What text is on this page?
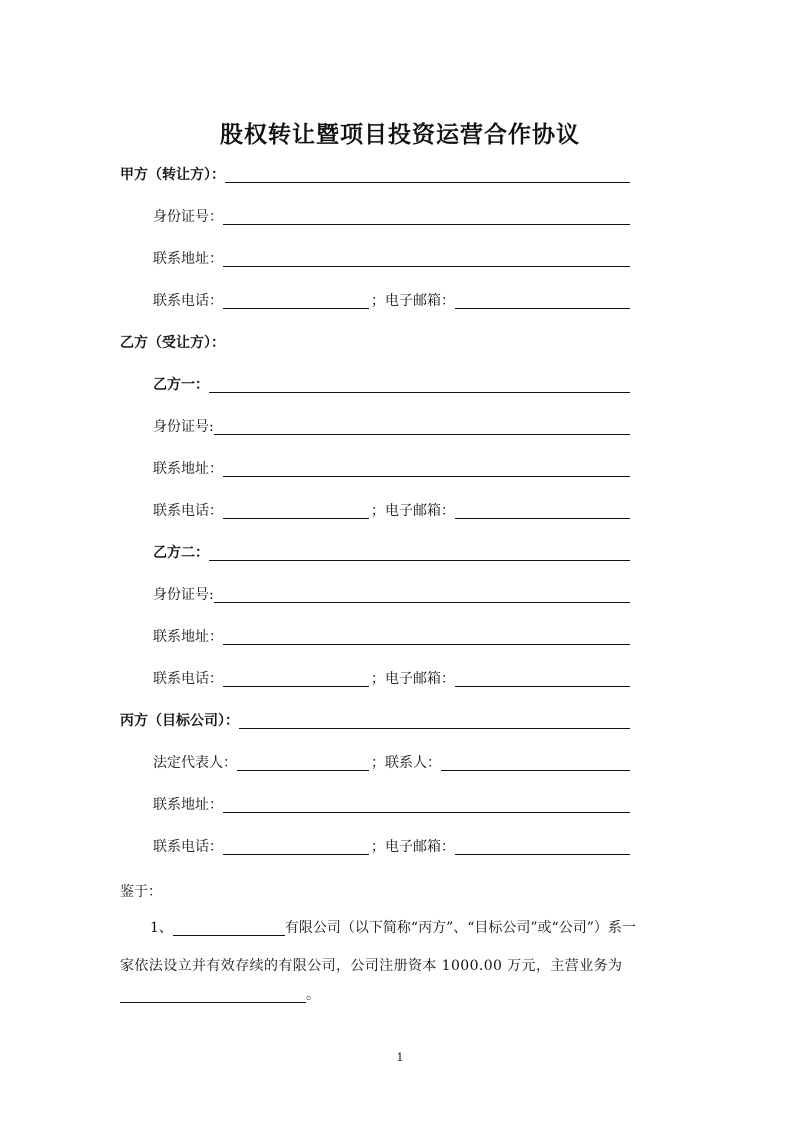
股权转让暨项目投资运营合作协议
甲方（转让方）：
身份证号：
联系地址：
联系电话：	；电子邮箱：
乙方（受让方）：
乙方一：
身份证号:
联系地址：
联系电话：	；电子邮箱：
乙方二：
身份证号:
联系地址：
联系电话：	；电子邮箱：
丙方（目标公司）：
法定代表人：	；联系人：
联系地址：
联系电话：	；电子邮箱：
鉴于：
1、	有限公司（以下简称“丙方”、“目标公司”或“公司”）系一
家依法设立并有效存续的有限公司，公司注册资本 1000.00 万元，主营业务为
。
1
